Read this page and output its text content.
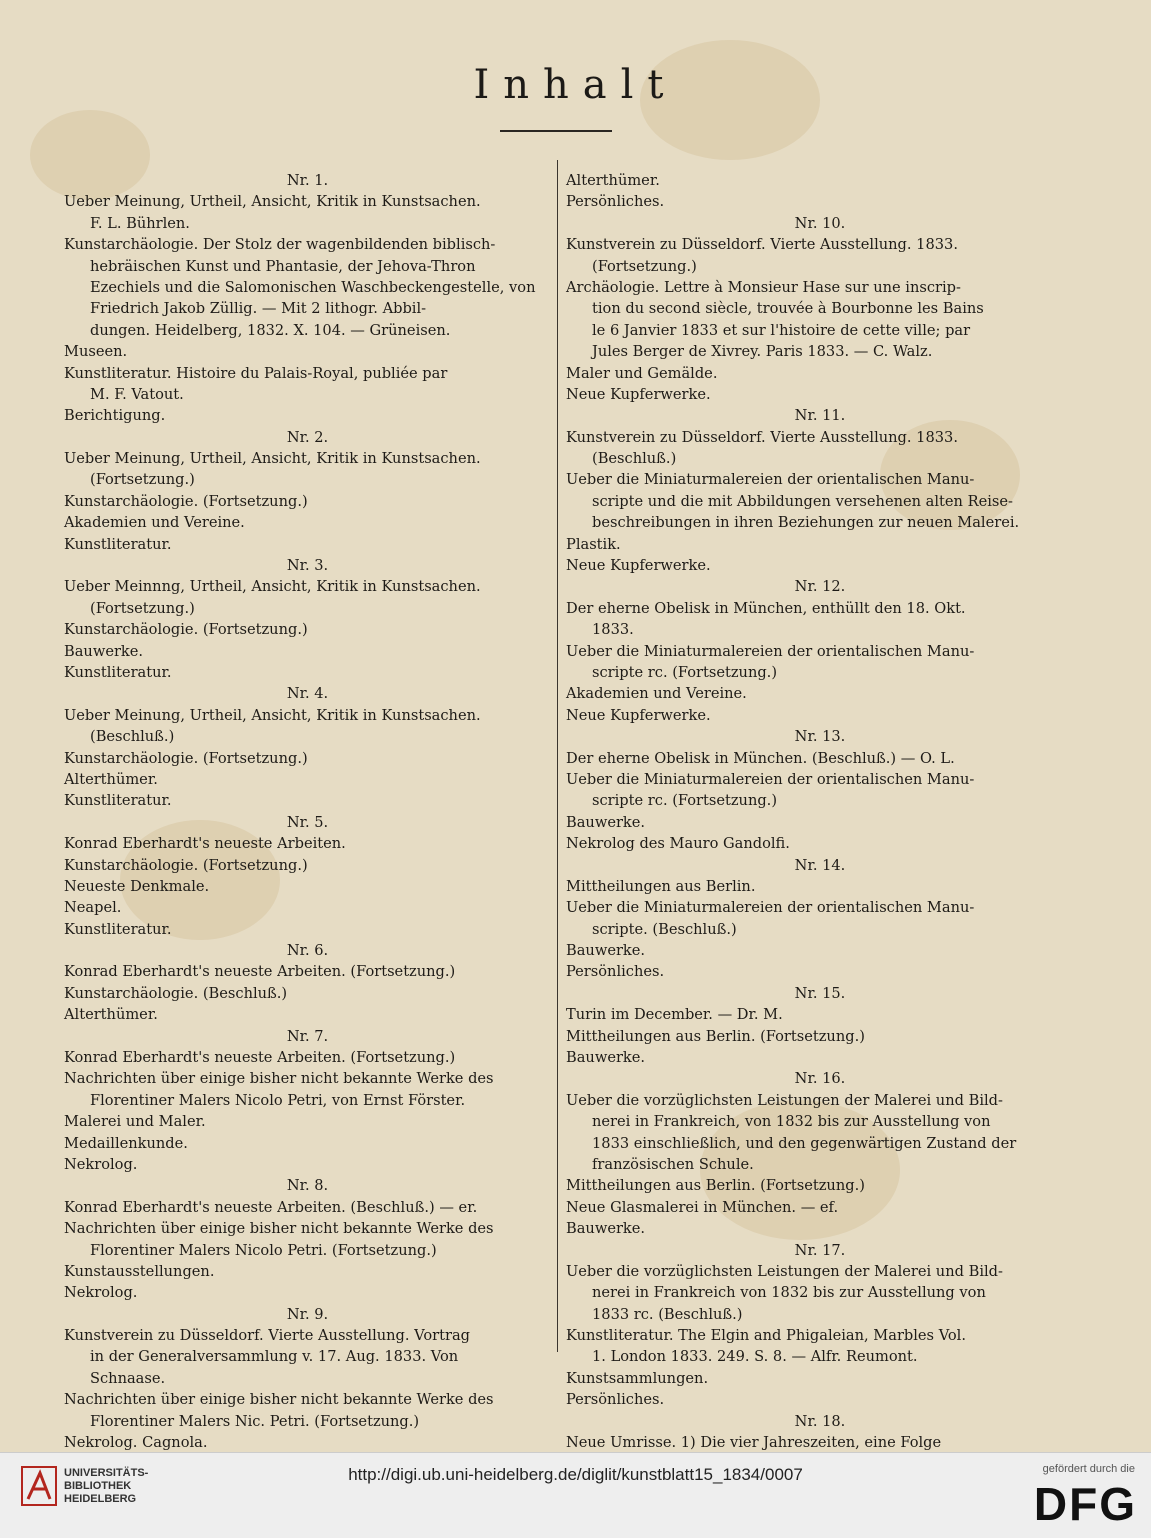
Inhalt
Nr. 1.
Ueber Meinung, Urtheil, Ansicht, Kritik in Kunstsachen.
F. L. Bührlen.
Kunstarchäologie. Der Stolz der wagenbildenden biblisch-
hebräischen Kunst und Phantasie, der Jehova-Thron
Ezechiels und die Salomonischen Waschbeckengestelle, von
Friedrich Jakob Züllig. — Mit 2 lithogr. Abbil-
dungen. Heidelberg, 1832. X. 104. — Grüneisen.
Museen.
Kunstliteratur. Histoire du Palais-Royal, publiée par
M. F. Vatout.
Berichtigung.
Nr. 2.
Ueber Meinung, Urtheil, Ansicht, Kritik in Kunstsachen.
(Fortsetzung.)
Kunstarchäologie. (Fortsetzung.)
Akademien und Vereine.
Kunstliteratur.
Nr. 3.
Ueber Meinnng, Urtheil, Ansicht, Kritik in Kunstsachen.
(Fortsetzung.)
Kunstarchäologie. (Fortsetzung.)
Bauwerke.
Kunstliteratur.
Nr. 4.
Ueber Meinung, Urtheil, Ansicht, Kritik in Kunstsachen.
(Beschluß.)
Kunstarchäologie. (Fortsetzung.)
Alterthümer.
Kunstliteratur.
Nr. 5.
Konrad Eberhardt's neueste Arbeiten.
Kunstarchäologie. (Fortsetzung.)
Neueste Denkmale.
Neapel.
Kunstliteratur.
Nr. 6.
Konrad Eberhardt's neueste Arbeiten. (Fortsetzung.)
Kunstarchäologie. (Beschluß.)
Alterthümer.
Nr. 7.
Konrad Eberhardt's neueste Arbeiten. (Fortsetzung.)
Nachrichten über einige bisher nicht bekannte Werke des
Florentiner Malers Nicolo Petri, von Ernst Förster.
Malerei und Maler.
Medaillenkunde.
Nekrolog.
Nr. 8.
Konrad Eberhardt's neueste Arbeiten. (Beschluß.) — er.
Nachrichten über einige bisher nicht bekannte Werke des
Florentiner Malers Nicolo Petri. (Fortsetzung.)
Kunstausstellungen.
Nekrolog.
Nr. 9.
Kunstverein zu Düsseldorf. Vierte Ausstellung. Vortrag
in der Generalversammlung v. 17. Aug. 1833. Von
Schnaase.
Nachrichten über einige bisher nicht bekannte Werke des
Florentiner Malers Nic. Petri. (Fortsetzung.)
Nekrolog. Cagnola.
Alterthümer.
Persönliches.
Nr. 10.
Kunstverein zu Düsseldorf. Vierte Ausstellung. 1833.
(Fortsetzung.)
Archäologie. Lettre à Monsieur Hase sur une inscrip-
tion du second siècle, trouvée à Bourbonne les Bains
le 6 Janvier 1833 et sur l'histoire de cette ville; par
Jules Berger de Xivrey. Paris 1833. — C. Walz.
Maler und Gemälde.
Neue Kupferwerke.
Nr. 11.
Kunstverein zu Düsseldorf. Vierte Ausstellung. 1833.
(Beschluß.)
Ueber die Miniaturmalereien der orientalischen Manu-
scripte und die mit Abbildungen versehenen alten Reise-
beschreibungen in ihren Beziehungen zur neuen Malerei.
Plastik.
Neue Kupferwerke.
Nr. 12.
Der eherne Obelisk in München, enthüllt den 18. Okt.
1833.
Ueber die Miniaturmalereien der orientalischen Manu-
scripte rc. (Fortsetzung.)
Akademien und Vereine.
Neue Kupferwerke.
Nr. 13.
Der eherne Obelisk in München. (Beschluß.) — O. L.
Ueber die Miniaturmalereien der orientalischen Manu-
scripte rc. (Fortsetzung.)
Bauwerke.
Nekrolog des Mauro Gandolfi.
Nr. 14.
Mittheilungen aus Berlin.
Ueber die Miniaturmalereien der orientalischen Manu-
scripte. (Beschluß.)
Bauwerke.
Persönliches.
Nr. 15.
Turin im December. — Dr. M.
Mittheilungen aus Berlin. (Fortsetzung.)
Bauwerke.
Nr. 16.
Ueber die vorzüglichsten Leistungen der Malerei und Bild-
nerei in Frankreich, von 1832 bis zur Ausstellung von
1833 einschließlich, und den gegenwärtigen Zustand der
französischen Schule.
Mittheilungen aus Berlin. (Fortsetzung.)
Neue Glasmalerei in München. — ef.
Bauwerke.
Nr. 17.
Ueber die vorzüglichsten Leistungen der Malerei und Bild-
nerei in Frankreich von 1832 bis zur Ausstellung von
1833 rc. (Beschluß.)
Kunstliteratur. The Elgin and Phigaleian, Marbles Vol.
1. London 1833. 249. S. 8. — Alfr. Reumont.
Kunstsammlungen.
Persönliches.
Nr. 18.
Neue Umrisse. 1) Die vier Jahreszeiten, eine Folge
UNIVERSITÄTS-
BIBLIOTHEK
HEIDELBERG
http://digi.ub.uni-heidelberg.de/diglit/kunstblatt15_1834/0007	gefördert durch die
DFG
